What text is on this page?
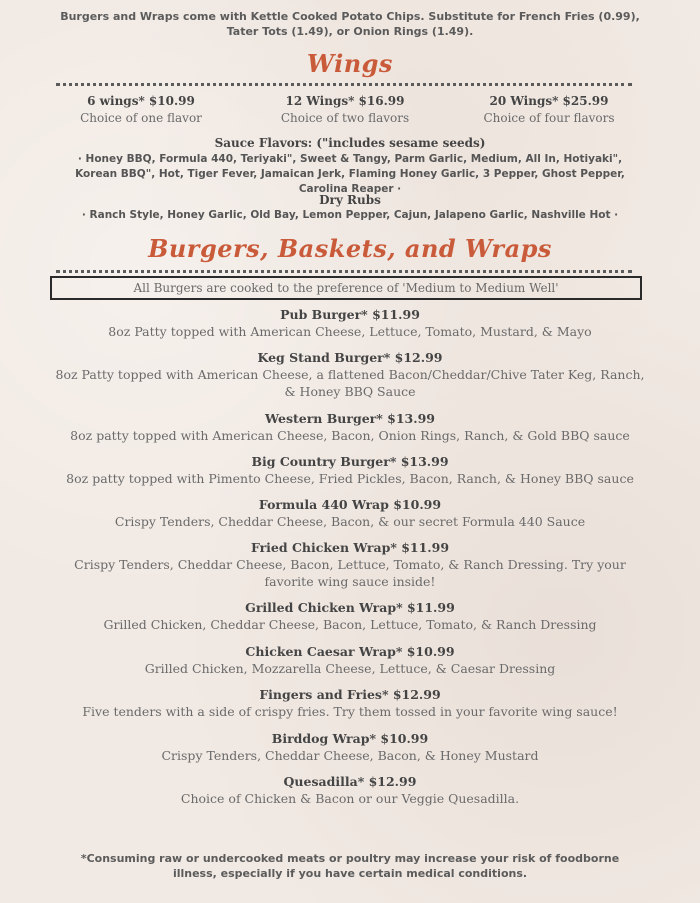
Burgers and Wraps come with Kettle Cooked Potato Chips. Substitute for French Fries (0.99), Tater Tots (1.49), or Onion Rings (1.49).
Wings
6 wings* $10.99
Choice of one flavor
12 Wings* $16.99
Choice of two flavors
20 Wings* $25.99
Choice of four flavors
Sauce Flavors: ("includes sesame seeds)
· Honey BBQ, Formula 440, Teriyaki", Sweet & Tangy, Parm Garlic, Medium, All In, Hotiyaki", Korean BBQ", Hot, Tiger Fever, Jamaican Jerk, Flaming Honey Garlic, 3 Pepper, Ghost Pepper, Carolina Reaper ·
Dry Rubs
· Ranch Style, Honey Garlic, Old Bay, Lemon Pepper, Cajun, Jalapeno Garlic, Nashville Hot ·
Burgers, Baskets, and Wraps
All Burgers are cooked to the preference of 'Medium to Medium Well'
Pub Burger* $11.99
8oz Patty topped with American Cheese, Lettuce, Tomato, Mustard, & Mayo
Keg Stand Burger* $12.99
8oz Patty topped with American Cheese, a flattened Bacon/Cheddar/Chive Tater Keg, Ranch, & Honey BBQ Sauce
Western Burger* $13.99
8oz patty topped with American Cheese, Bacon, Onion Rings, Ranch, & Gold BBQ sauce
Big Country Burger* $13.99
8oz patty topped with Pimento Cheese, Fried Pickles, Bacon, Ranch, & Honey BBQ sauce
Formula 440 Wrap $10.99
Crispy Tenders, Cheddar Cheese, Bacon, & our secret Formula 440 Sauce
Fried Chicken Wrap* $11.99
Crispy Tenders, Cheddar Cheese, Bacon, Lettuce, Tomato, & Ranch Dressing. Try your favorite wing sauce inside!
Grilled Chicken Wrap* $11.99
Grilled Chicken, Cheddar Cheese, Bacon, Lettuce, Tomato, & Ranch Dressing
Chicken Caesar Wrap* $10.99
Grilled Chicken, Mozzarella Cheese, Lettuce, & Caesar Dressing
Fingers and Fries* $12.99
Five tenders with a side of crispy fries. Try them tossed in your favorite wing sauce!
Birddog Wrap* $10.99
Crispy Tenders, Cheddar Cheese, Bacon, & Honey Mustard
Quesadilla* $12.99
Choice of Chicken & Bacon or our Veggie Quesadilla.
*Consuming raw or undercooked meats or poultry may increase your risk of foodborne illness, especially if you have certain medical conditions.
